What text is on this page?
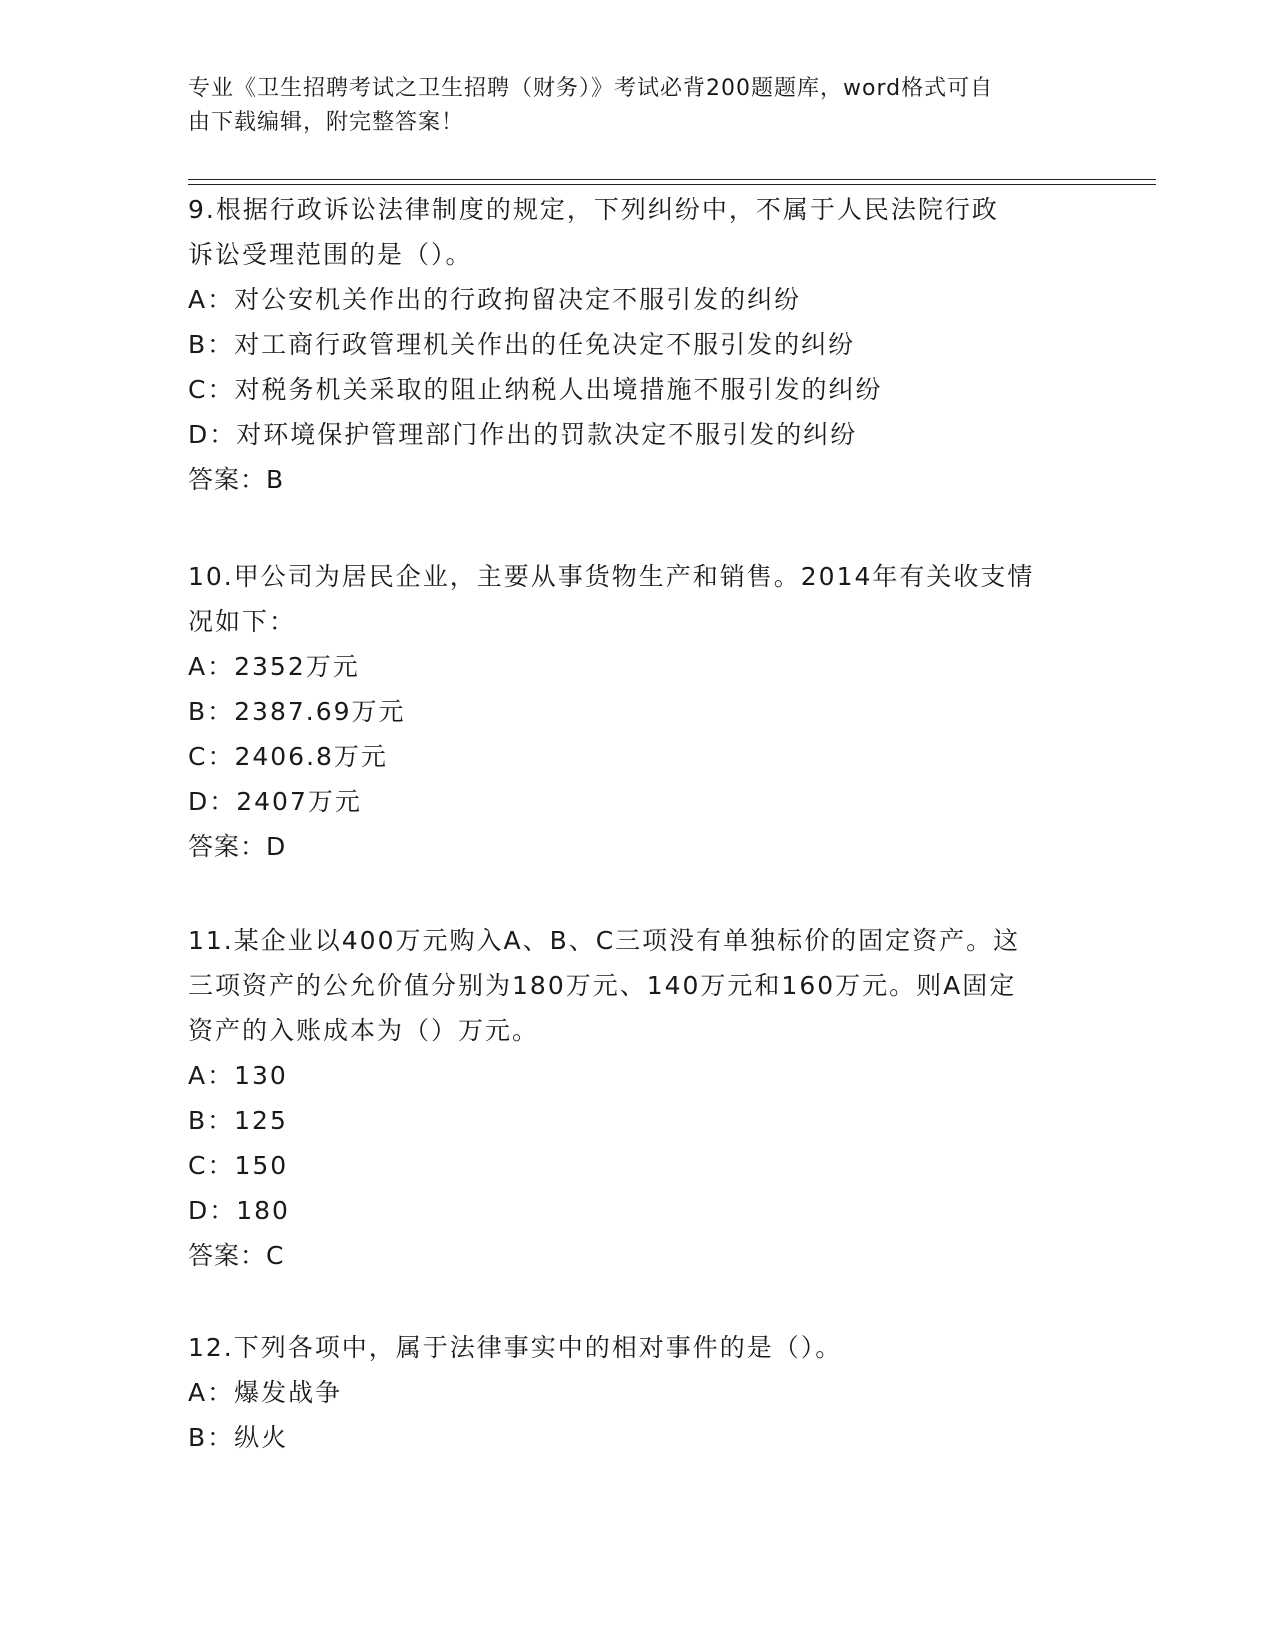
专业《卫生招聘考试之卫生招聘（财务）》考试必背200题题库，word格式可自
由下载编辑，附完整答案！
9.根据行政诉讼法律制度的规定，下列纠纷中，不属于人民法院行政
诉讼受理范围的是（）。
A：对公安机关作出的行政拘留决定不服引发的纠纷
B：对工商行政管理机关作出的任免决定不服引发的纠纷
C：对税务机关采取的阻止纳税人出境措施不服引发的纠纷
D：对环境保护管理部门作出的罚款决定不服引发的纠纷
答案：B
10.甲公司为居民企业，主要从事货物生产和销售。2014年有关收支情
况如下：
A：2352万元
B：2387.69万元
C：2406.8万元
D：2407万元
答案：D
11.某企业以400万元购入A、B、C三项没有单独标价的固定资产。这
三项资产的公允价值分别为180万元、140万元和160万元。则A固定
资产的入账成本为（）万元。
A：130
B：125
C：150
D：180
答案：C
12.下列各项中，属于法律事实中的相对事件的是（）。
A：爆发战争
B：纵火
